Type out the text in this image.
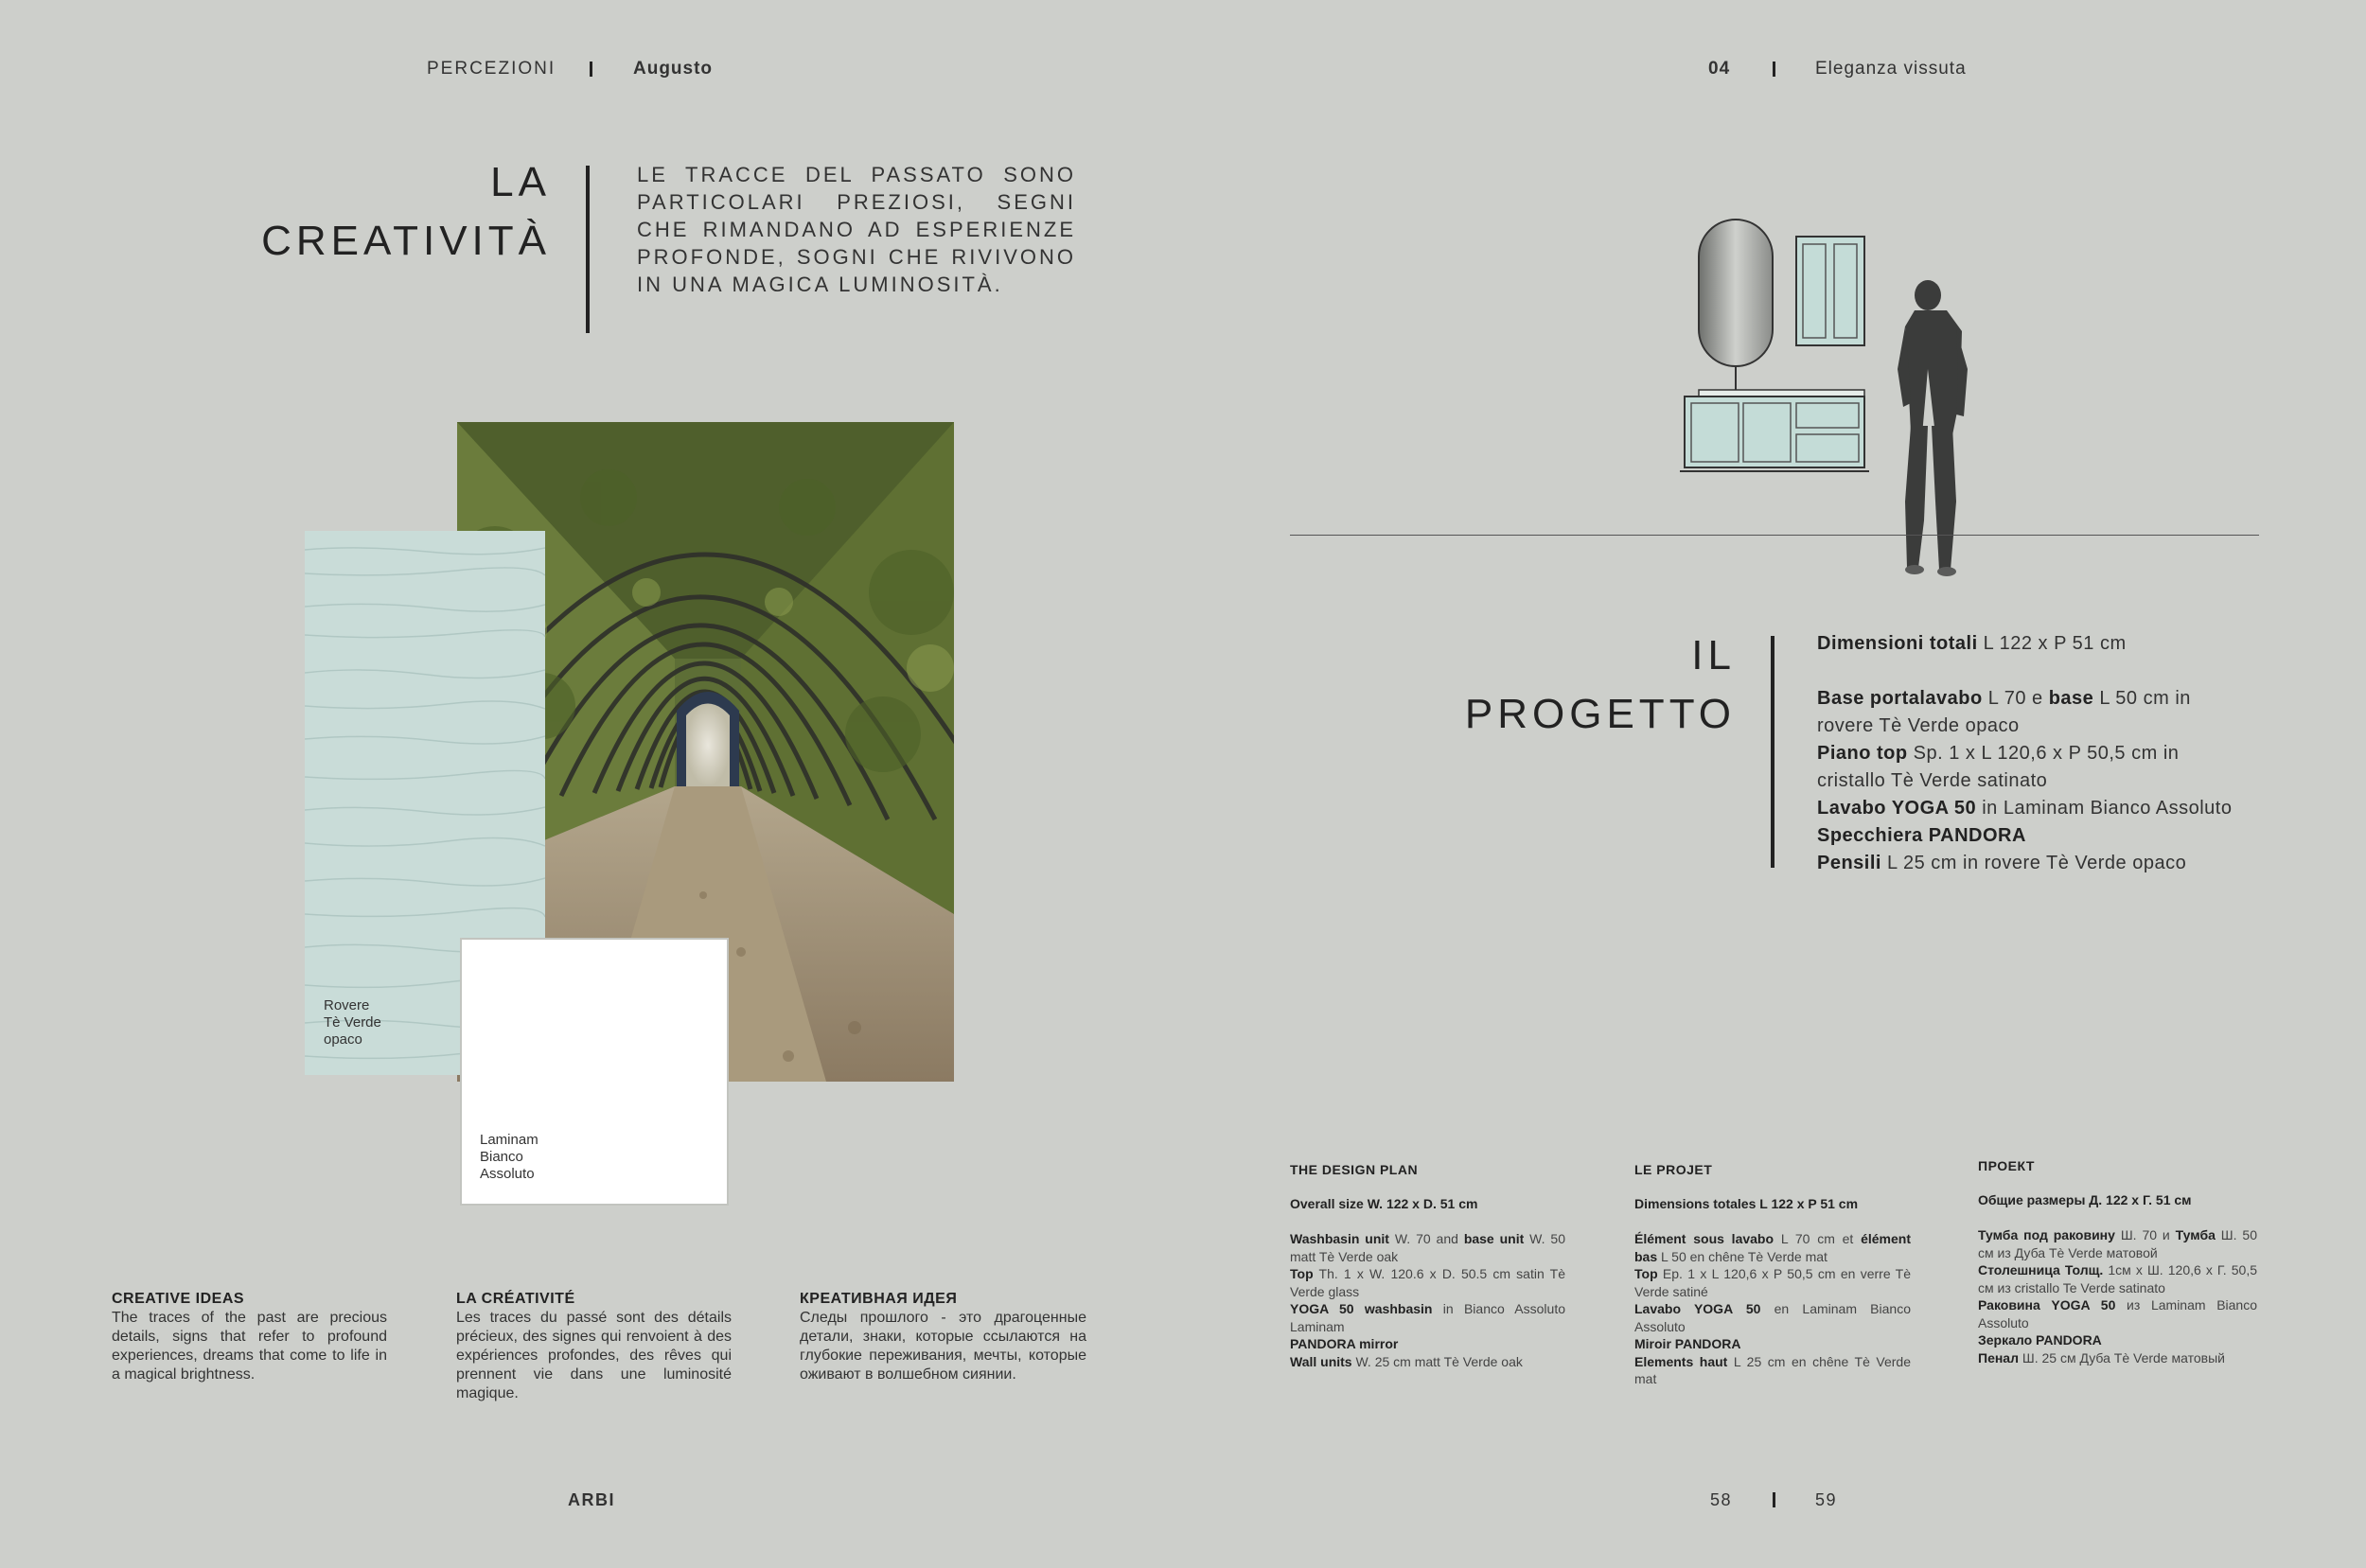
PERCEZIONI	Augusto	04	Eleganza vissuta
LA
CREATIVITÀ
LE TRACCE DEL PASSATO SONO PARTICOLARI PREZIOSI, SEGNI CHE RIMANDANO AD ESPERIENZE PROFONDE, SOGNI CHE RIVIVONO IN UNA MAGICA LUMINOSITÀ.
Rovere
Tè Verde
opaco
Laminam
Bianco
Assoluto
CREATIVE IDEAS

The traces of the past are precious details, signs that refer to profound experiences, dreams that come to life in a magical brightness.

LA CRÉATIVITÉ

Les traces du passé sont des détails précieux, des signes qui renvoient à des expériences profondes, des rêves qui prennent vie dans une luminosité magique.

КРЕАТИВНАЯ ИДЕЯ

Следы прошлого - это драгоценные детали, знаки, которые ссылаются на глубокие переживания, мечты, которые оживают в волшебном сиянии.

IL
PROGETTO
Dimensioni totali L 122 x P 51 cm
Base portalavabo L 70 e base L 50 cm in rovere Tè Verde opaco
Piano top Sp. 1 x L 120,6 x P 50,5 cm in cristallo Tè Verde satinato
Lavabo YOGA 50 in Laminam Bianco Assoluto
Specchiera PANDORA
Pensili L 25 cm in rovere Tè Verde opaco
THE DESIGN PLAN
Overall size W. 122 x D. 51 cm

Washbasin unit W. 70 and base unit W. 50 matt Tè Verde oak
Top Th. 1 x W. 120.6 x D. 50.5 cm satin Tè Verde glass
YOGA 50 washbasin in Bianco Assoluto Laminam
PANDORA mirror
Wall units W. 25 cm matt Tè Verde oak

LE PROJET
Dimensions totales L 122 x P 51 cm

Élément sous lavabo L 70 cm et élément bas L 50 en chêne Tè Verde mat
Top Ep. 1 x L 120,6 x P 50,5 cm en verre Tè Verde satiné
Lavabo YOGA 50 en Laminam Bianco Assoluto
Miroir PANDORA
Elements haut L 25 cm en chêne Tè Verde mat

ПРОЕКТ
Общие размеры Д. 122 х Г. 51 см

Тумба под раковину Ш. 70 и Тумба Ш. 50 см из Дуба Tè Verde матовой
Столешница Толщ. 1см х Ш. 120,6 х Г. 50,5 см из cristallo Te Verde satinato
Раковина YOGA 50 из Laminam Bianco Assoluto
Зеркало PANDORA
Пенал Ш. 25 см Дуба Tè Verde матовый

ARBI	58	59
